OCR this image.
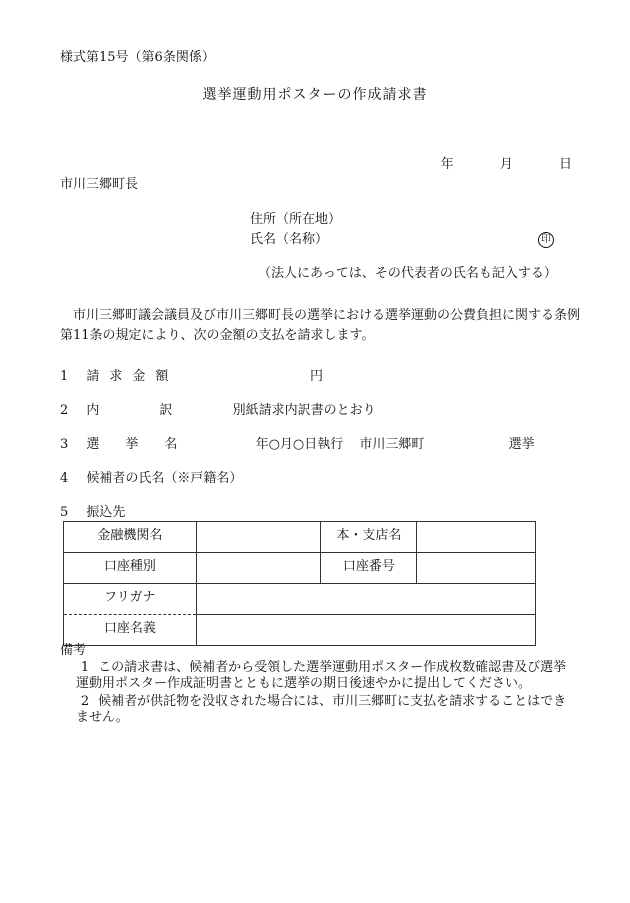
様式第15号（第6条関係）
選挙運動用ポスターの作成請求書
年	月	日
市川三郷町長
住所（所在地）
氏名（名称）	印
（法人にあっては、その代表者の氏名も記入する）
市川三郷町議会議員及び市川三郷町長の選挙における選挙運動の公費負担に関する条例第11条の規定により、次の金額の支払を請求します。
1 請求金額	円
2 内訳 別紙請求内訳書のとおり
3 選挙名	年○月○日執行 市川三郷町	選挙
4 候補者の氏名（※戸籍名）
5 振込先
金融機関名		本・支店名	
口座種別		口座番号	
フリガナ			
口座名義			
備考
1 この請求書は、候補者から受領した選挙運動用ポスター作成枚数確認書及び選挙運動用ポスター作成証明書とともに選挙の期日後速やかに提出してください。
2 候補者が供託物を没収された場合には、市川三郷町に支払を請求することはできません。
